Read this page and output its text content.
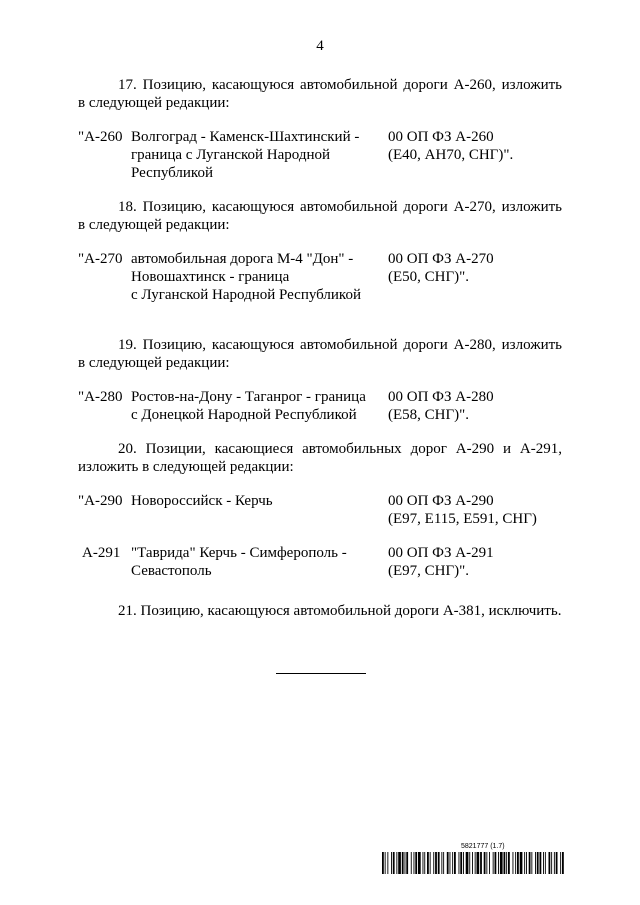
4
17. Позицию, касающуюся автомобильной дороги А-260, изложить
в следующей редакции:
"А-260 Волгоград - Каменск-Шахтинский -
граница с Луганской Народной
Республикой
00 ОП ФЗ А-260
(Е40, АН70, СНГ)".
18. Позицию, касающуюся автомобильной дороги А-270, изложить
в следующей редакции:
"А-270 автомобильная дорога М-4 "Дон" -
Новошахтинск - граница
с Луганской Народной Республикой
00 ОП ФЗ А-270
(Е50, СНГ)".
19. Позицию, касающуюся автомобильной дороги А-280, изложить
в следующей редакции:
"А-280 Ростов-на-Дону - Таганрог - граница
с Донецкой Народной Республикой
00 ОП ФЗ А-280
(Е58, СНГ)".
20. Позиции, касающиеся автомобильных дорог А-290 и А-291,
изложить в следующей редакции:
"А-290 Новороссийск - Керчь	00 ОП ФЗ А-290
(Е97, Е115, Е591, СНГ)
А-291 "Таврида" Керчь - Симферополь -
Севастополь
00 ОП ФЗ А-291
(Е97, СНГ)".
21. Позицию, касающуюся автомобильной дороги А-381, исключить.
5821777 (1.7)
